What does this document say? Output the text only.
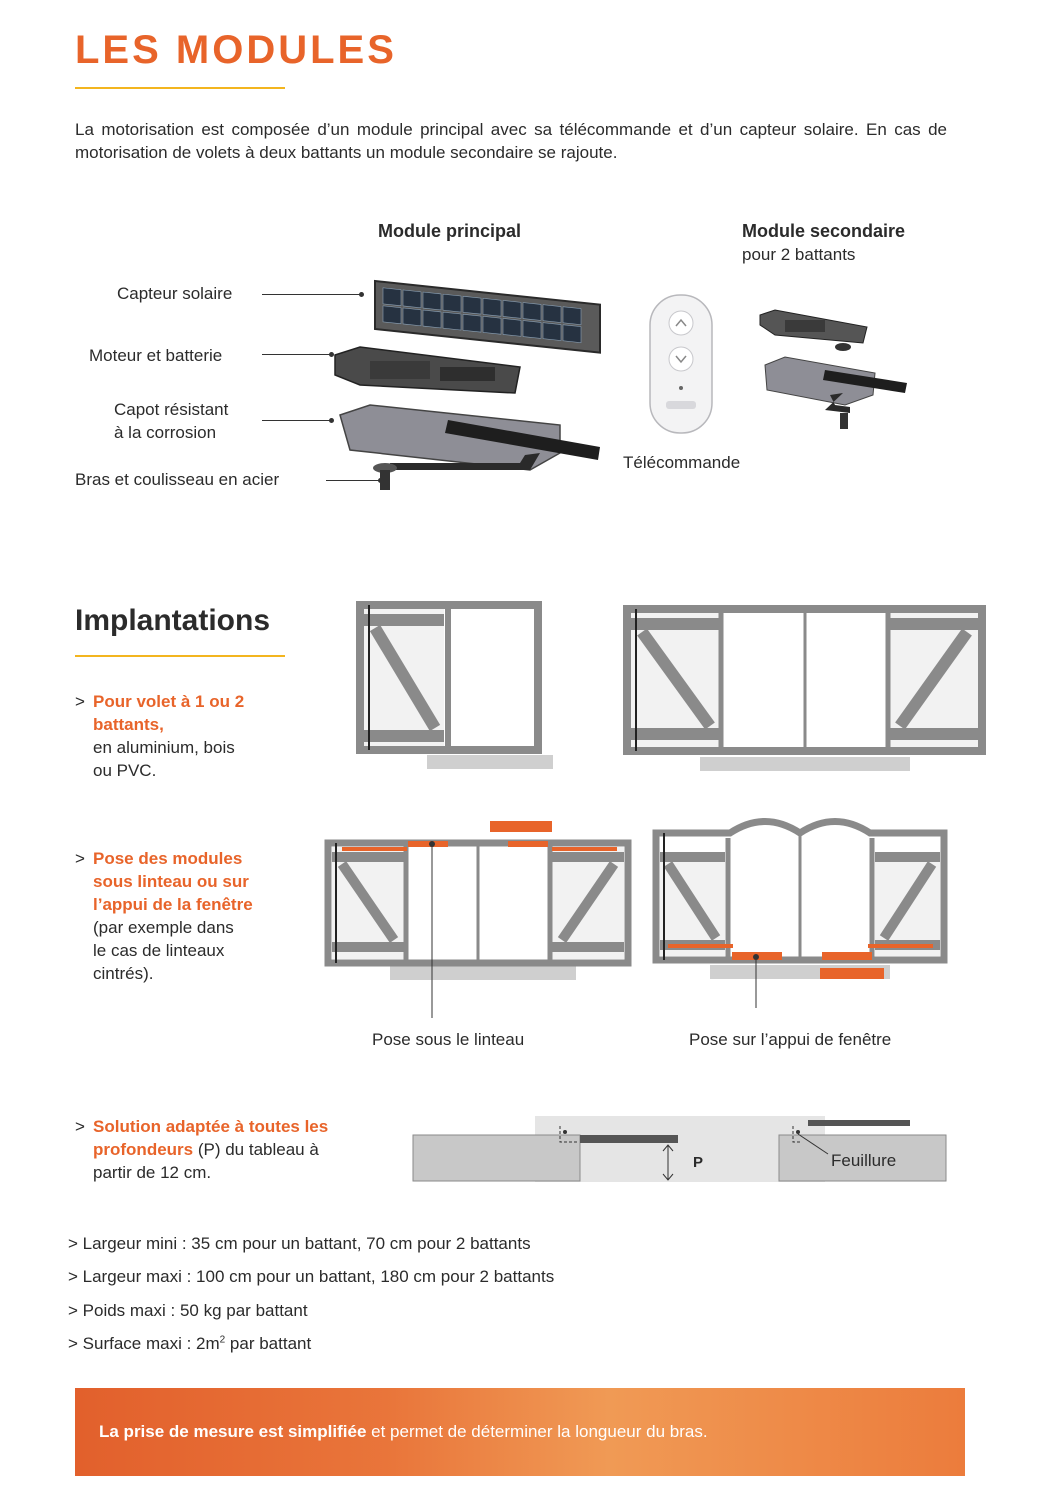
LES MODULES
La motorisation est composée d’un module principal avec sa télécommande et d’un capteur solaire. En cas de motorisation de volets à deux battants un module secondaire se rajoute.
Module principal	Module secondaire
pour 2 battants
Capteur solaire
Moteur et batterie
Capot résistant
à la corrosion
Bras et coulisseau en acier
Télécommande
Implantations
> Pour volet à 1 ou 2
battants,
en aluminium, bois
ou PVC.
> Pose des modules
sous linteau ou sur
l’appui de la fenêtre
(par exemple dans
le cas de linteaux
cintrés).
Pose sous le linteau	Pose sur l’appui de fenêtre
> Solution adaptée à toutes les
profondeurs (P) du tableau à
partir de 12 cm.
P	Feuillure
> Largeur mini : 35 cm pour un battant, 70 cm pour 2 battants
> Largeur maxi : 100 cm pour un battant, 180 cm pour 2 battants
> Poids maxi : 50 kg par battant
> Surface maxi : $2m^2$ par battant
La prise de mesure est simplifiée et permet de déterminer la longueur du bras.
